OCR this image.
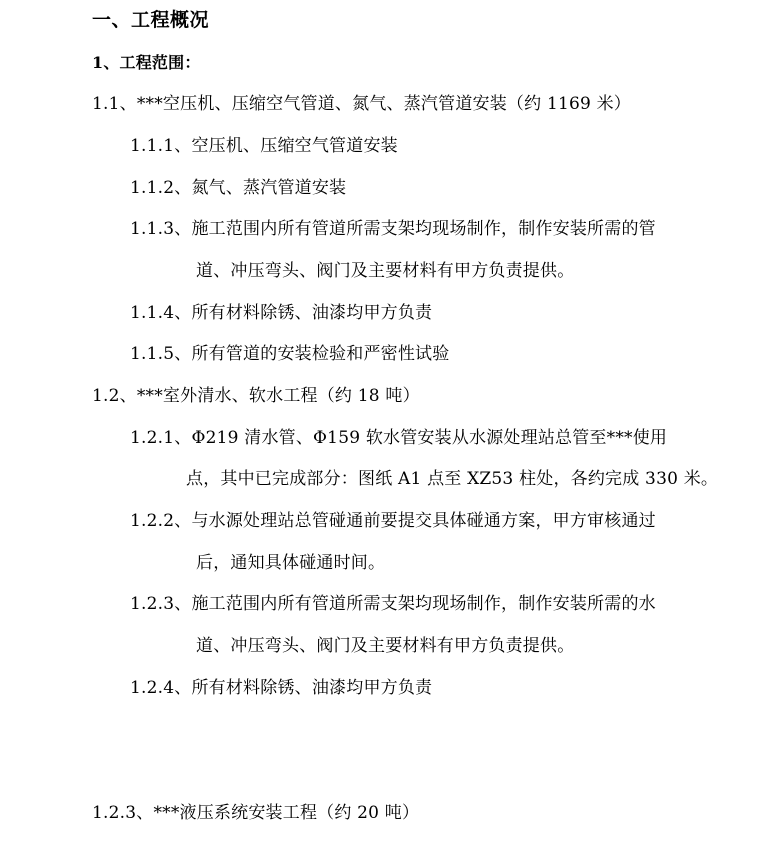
一、工程概况
1、工程范围：
1.1、***空压机、压缩空气管道、氮气、蒸汽管道安装（约 1169 米）
1.1.1、空压机、压缩空气管道安装
1.1.2、氮气、蒸汽管道安装
1.1.3、施工范围内所有管道所需支架均现场制作，制作安装所需的管
道、冲压弯头、阀门及主要材料有甲方负责提供。
1.1.4、所有材料除锈、油漆均甲方负责
1.1.5、所有管道的安装检验和严密性试验
1.2、***室外清水、软水工程（约 18 吨）
1.2.1、Φ219 清水管、Φ159 软水管安装从水源处理站总管至***使用
点，其中已完成部分：图纸 A1 点至 XZ53 柱处，各约完成 330 米。
1.2.2、与水源处理站总管碰通前要提交具体碰通方案，甲方审核通过
后，通知具体碰通时间。
1.2.3、施工范围内所有管道所需支架均现场制作，制作安装所需的水
道、冲压弯头、阀门及主要材料有甲方负责提供。
1.2.4、所有材料除锈、油漆均甲方负责
1.2.3、***液压系统安装工程（约 20 吨）
